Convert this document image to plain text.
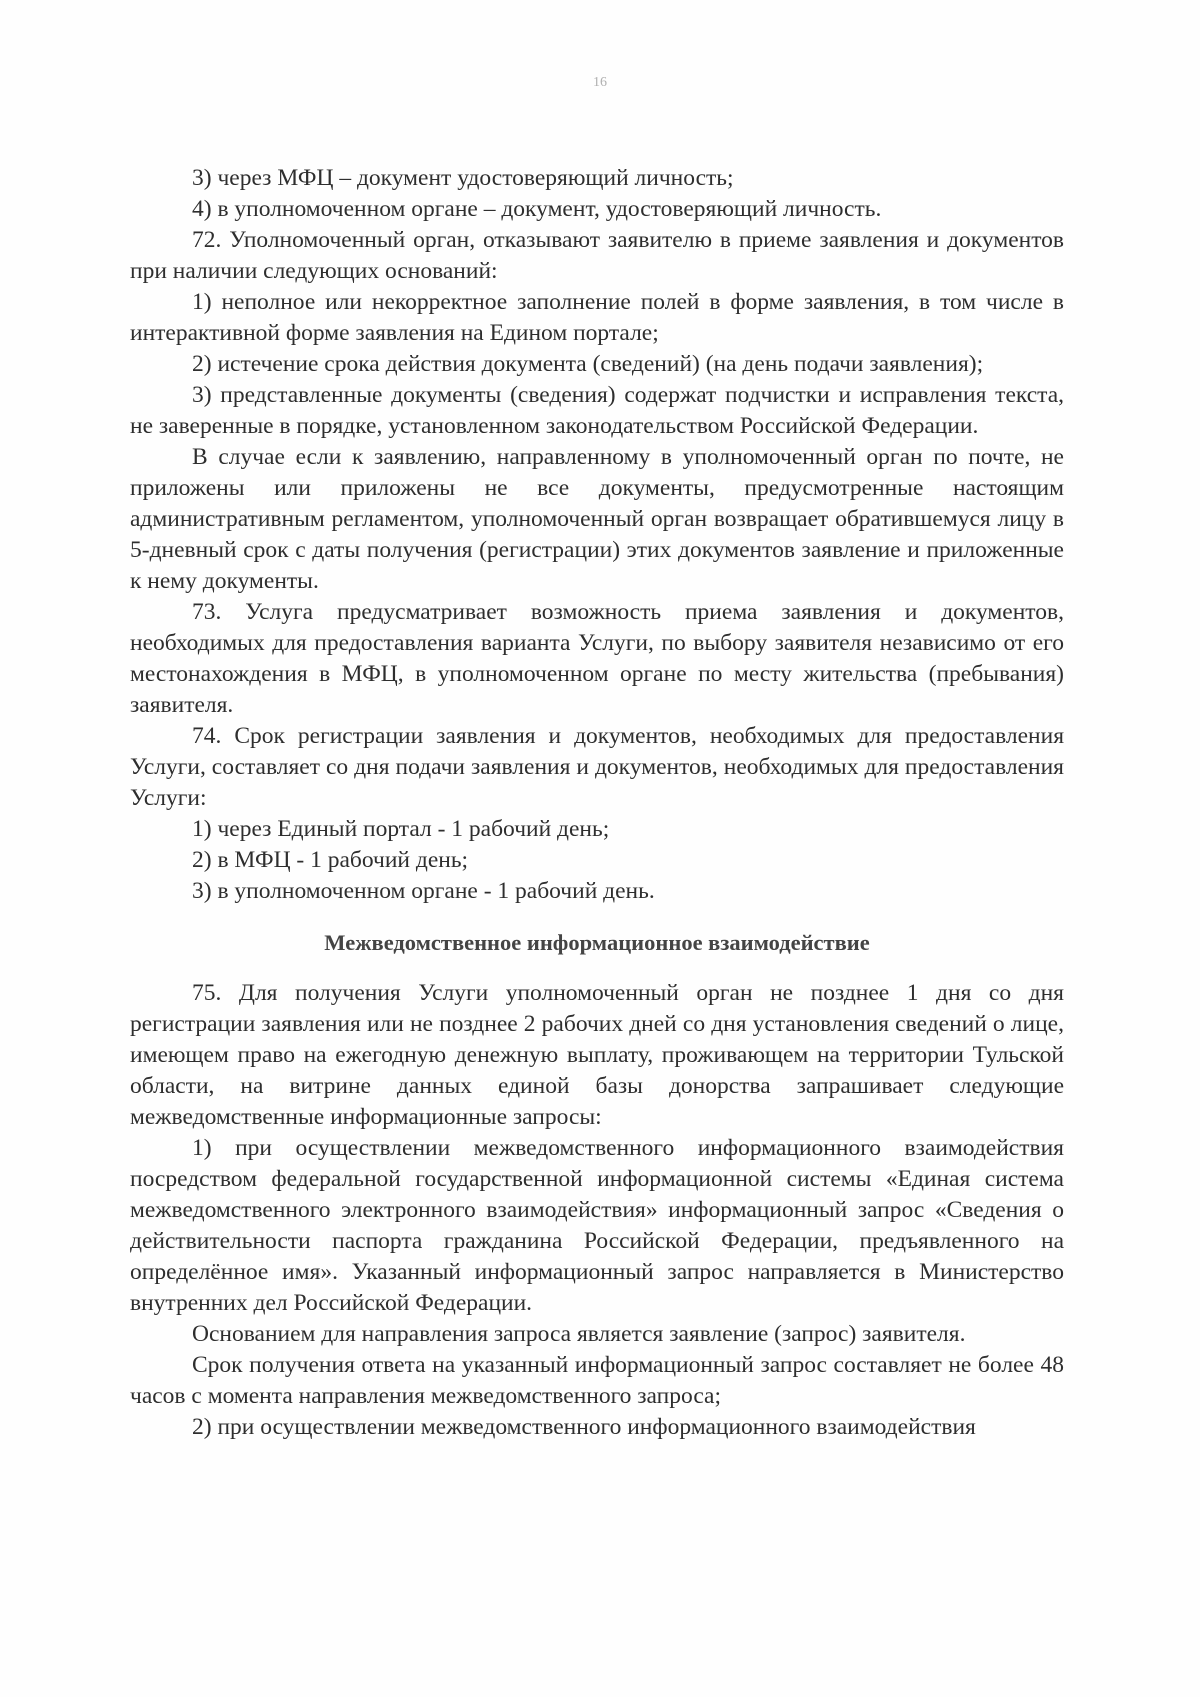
16

3) через МФЦ – документ удостоверяющий личность;

4) в уполномоченном органе – документ, удостоверяющий личность.

72. Уполномоченный орган, отказывают заявителю в приеме заявления и документов при наличии следующих оснований:

1) неполное или некорректное заполнение полей в форме заявления, в том числе в интерактивной форме заявления на Едином портале;

2) истечение срока действия документа (сведений) (на день подачи заявления);

3) представленные документы (сведения) содержат подчистки и исправления текста, не заверенные в порядке, установленном законодательством Российской Федерации.

В случае если к заявлению, направленному в уполномоченный орган по почте, не приложены или приложены не все документы, предусмотренные настоящим административным регламентом, уполномоченный орган возвращает обратившемуся лицу в 5-дневный срок с даты получения (регистрации) этих документов заявление и приложенные к нему документы.

73. Услуга предусматривает возможность приема заявления и документов, необходимых для предоставления варианта Услуги, по выбору заявителя независимо от его местонахождения в МФЦ, в уполномоченном органе по месту жительства (пребывания) заявителя.

74. Срок регистрации заявления и документов, необходимых для предоставления Услуги, составляет со дня подачи заявления и документов, необходимых для предоставления Услуги:

1) через Единый портал - 1 рабочий день;

2) в МФЦ - 1 рабочий день;

3) в уполномоченном органе - 1 рабочий день.

Межведомственное информационное взаимодействие

75. Для получения Услуги уполномоченный орган не позднее 1 дня со дня регистрации заявления или не позднее 2 рабочих дней со дня установления сведений о лице, имеющем право на ежегодную денежную выплату, проживающем на территории Тульской области, на витрине данных единой базы донорства запрашивает следующие межведомственные информационные запросы:

1) при осуществлении межведомственного информационного взаимодействия посредством федеральной государственной информационной системы «Единая система межведомственного электронного взаимодействия» информационный запрос «Сведения о действительности паспорта гражданина Российской Федерации, предъявленного на определённое имя». Указанный информационный запрос направляется в Министерство внутренних дел Российской Федерации.

Основанием для направления запроса является заявление (запрос) заявителя.

Срок получения ответа на указанный информационный запрос составляет не более 48 часов с момента направления межведомственного запроса;

2) при осуществлении межведомственного информационного взаимодействия
